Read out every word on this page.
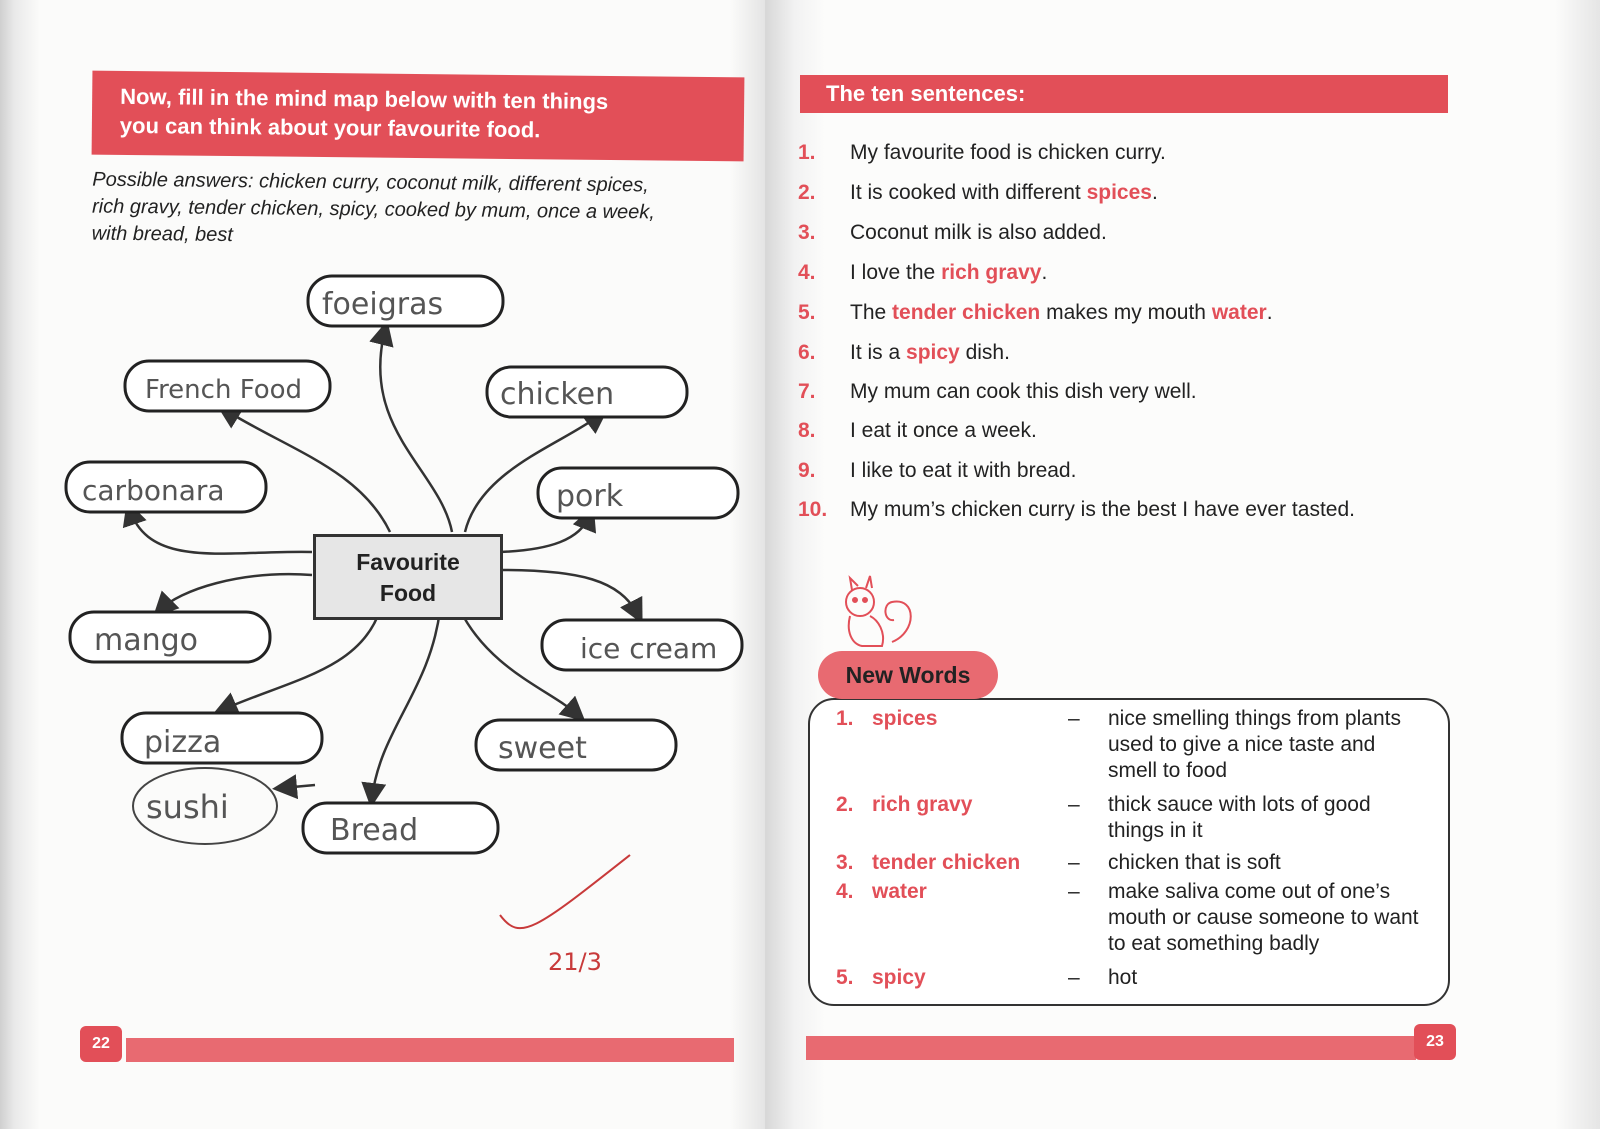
Now, fill in the mind map below with ten things
you can think about your favourite food.
Possible answers: chicken curry, coconut milk, different spices,
rich gravy, tender chicken, spicy, cooked by mum, once a week,
with bread, best
foeigras
French Food	chicken
carbonara	pork
mango	ice cream
pizza	sweet
Bread
sushi
21/3
Favourite
Food
22
The ten sentences:
1. My favourite food is chicken curry.
2. It is cooked with different spices.
3. Coconut milk is also added.
4. I love the rich gravy.
5. The tender chicken makes my mouth water.
6. It is a spicy dish.
7. My mum can cook this dish very well.
8. I eat it once a week.
9. I like to eat it with bread.
10. My mum’s chicken curry is the best I have ever tasted.
New Words
1. spices	–	nice smelling things from plants used to give a nice taste and smell to food
2. rich gravy	–	thick sauce with lots of good things in it
3. tender chicken	–	chicken that is soft
4. water	–	make saliva come out of one’s mouth or cause someone to want to eat something badly
5. spicy	–	hot
23
